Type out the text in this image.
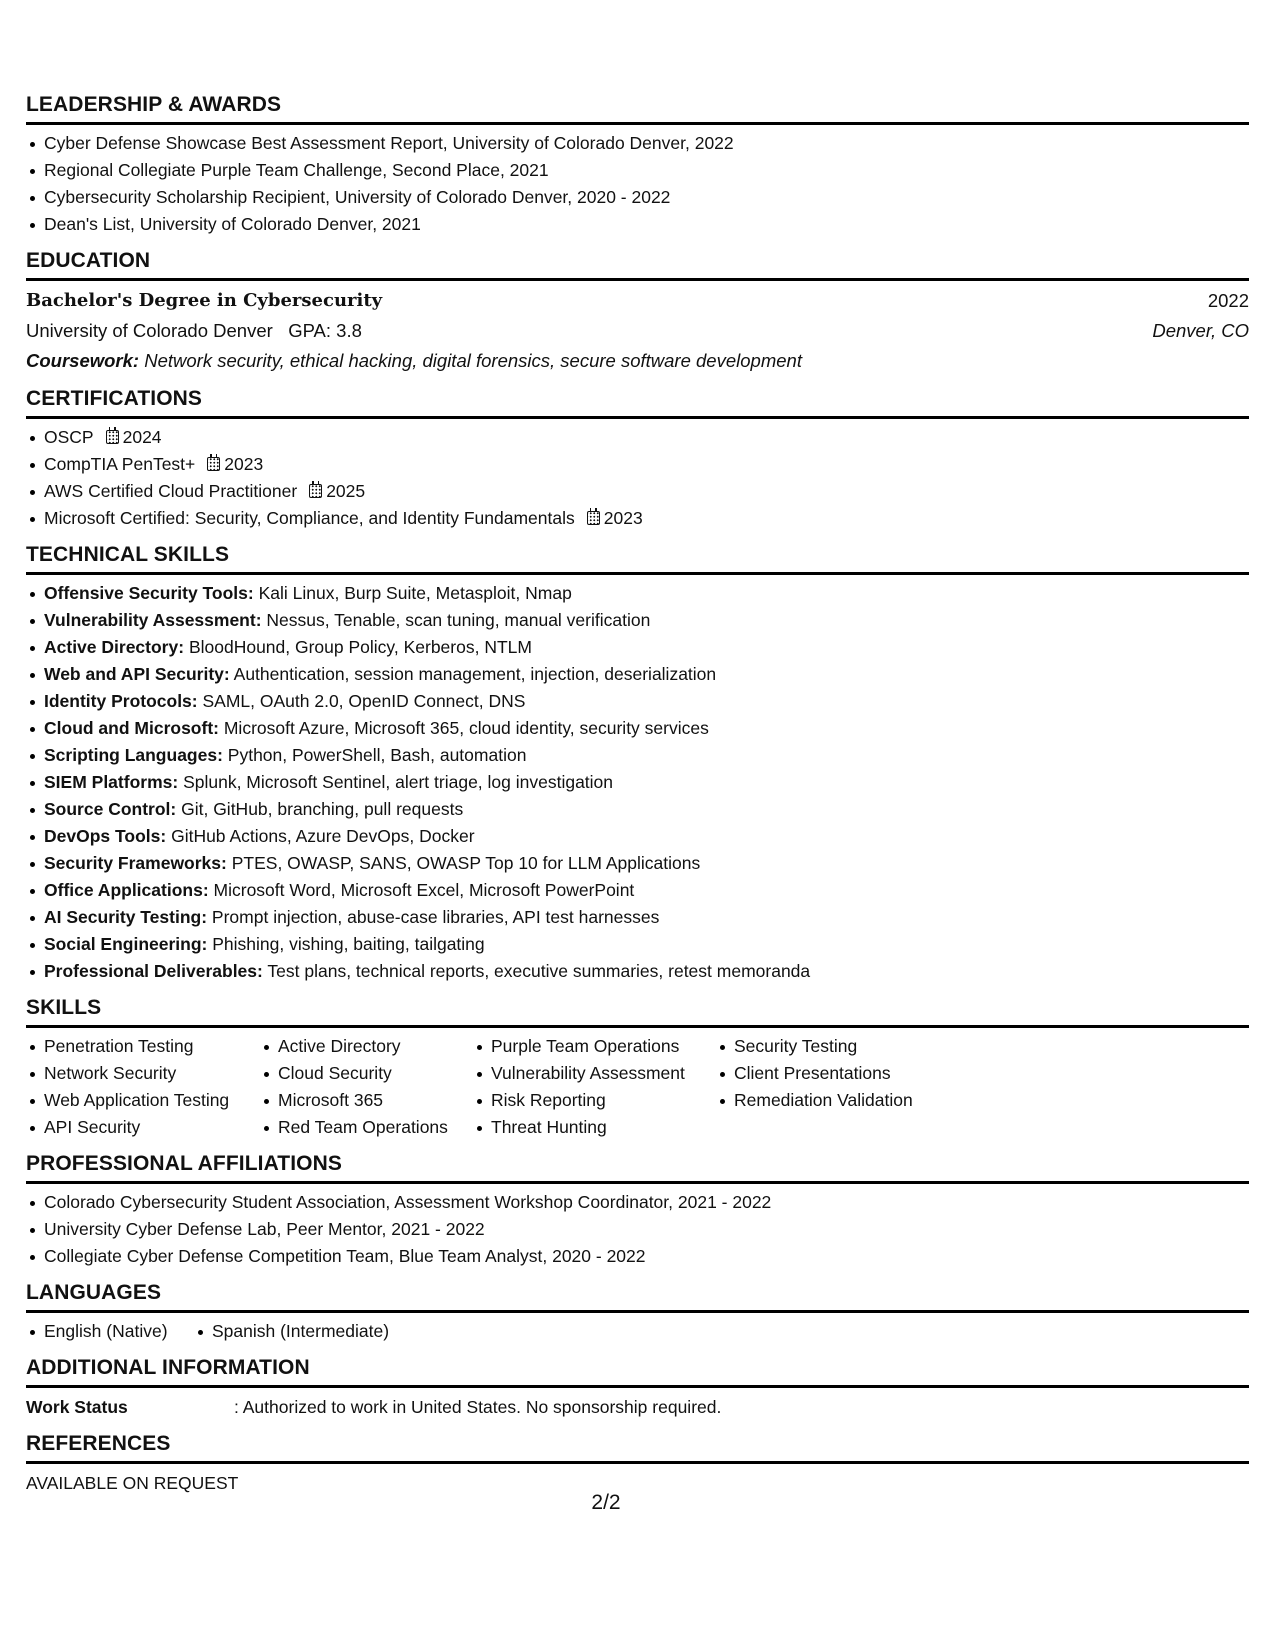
LEADERSHIP & AWARDS
Cyber Defense Showcase Best Assessment Report, University of Colorado Denver, 2022
Regional Collegiate Purple Team Challenge, Second Place, 2021
Cybersecurity Scholarship Recipient, University of Colorado Denver, 2020 - 2022
Dean's List, University of Colorado Denver, 2021
EDUCATION
Bachelor's Degree in Cybersecurity	2022
University of Colorado Denver GPA: 3.8	Denver, CO
Coursework: Network security, ethical hacking, digital forensics, secure software development
CERTIFICATIONS
OSCP 2024
CompTIA PenTest+ 2023
AWS Certified Cloud Practitioner 2025
Microsoft Certified: Security, Compliance, and Identity Fundamentals 2023
TECHNICAL SKILLS
Offensive Security Tools: Kali Linux, Burp Suite, Metasploit, Nmap
Vulnerability Assessment: Nessus, Tenable, scan tuning, manual verification
Active Directory: BloodHound, Group Policy, Kerberos, NTLM
Web and API Security: Authentication, session management, injection, deserialization
Identity Protocols: SAML, OAuth 2.0, OpenID Connect, DNS
Cloud and Microsoft: Microsoft Azure, Microsoft 365, cloud identity, security services
Scripting Languages: Python, PowerShell, Bash, automation
SIEM Platforms: Splunk, Microsoft Sentinel, alert triage, log investigation
Source Control: Git, GitHub, branching, pull requests
DevOps Tools: GitHub Actions, Azure DevOps, Docker
Security Frameworks: PTES, OWASP, SANS, OWASP Top 10 for LLM Applications
Office Applications: Microsoft Word, Microsoft Excel, Microsoft PowerPoint
AI Security Testing: Prompt injection, abuse-case libraries, API test harnesses
Social Engineering: Phishing, vishing, baiting, tailgating
Professional Deliverables: Test plans, technical reports, executive summaries, retest memoranda
SKILLS
Penetration Testing
Network Security
Web Application Testing
API Security
Active Directory
Cloud Security
Microsoft 365
Red Team Operations
Purple Team Operations
Vulnerability Assessment
Risk Reporting
Threat Hunting
Security Testing
Client Presentations
Remediation Validation
PROFESSIONAL AFFILIATIONS
Colorado Cybersecurity Student Association, Assessment Workshop Coordinator, 2021 - 2022
University Cyber Defense Lab, Peer Mentor, 2021 - 2022
Collegiate Cyber Defense Competition Team, Blue Team Analyst, 2020 - 2022
LANGUAGES
English (Native)	Spanish (Intermediate)
ADDITIONAL INFORMATION
Work Status	: Authorized to work in United States. No sponsorship required.
REFERENCES
AVAILABLE ON REQUEST
2/2
